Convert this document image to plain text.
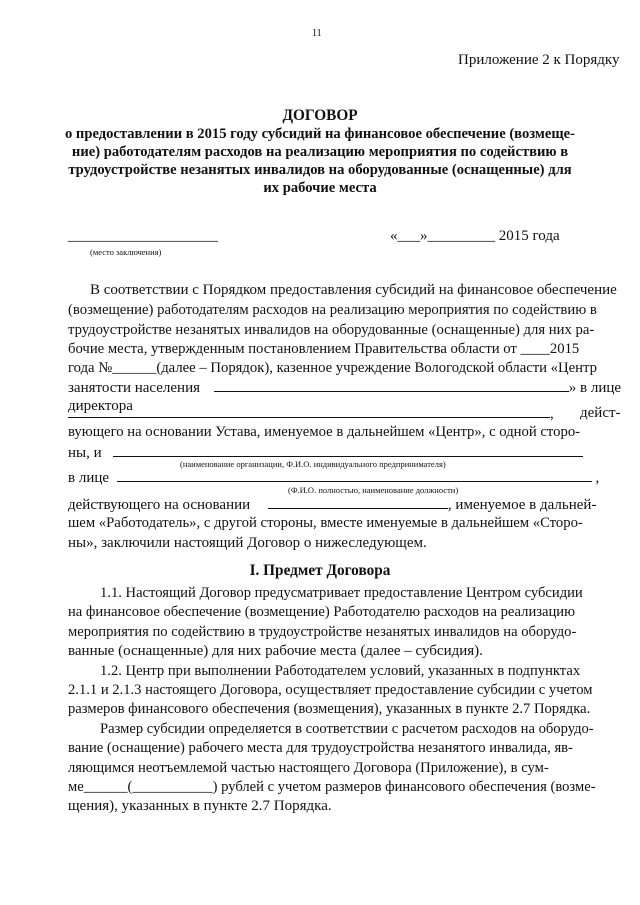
11
Приложение 2 к Порядку
ДОГОВОР
о предоставлении в 2015 году субсидий на финансовое обеспечение (возмеще-
ние) работодателям расходов на реализацию мероприятия по содействию в
трудоустройстве незанятых инвалидов на оборудованные (оснащенные) для
их рабочие места
____________________
(место заключения)
«___»_________ 2015 года
В соответствии с Порядком предоставления субсидий на финансовое обеспечение
(возмещение) работодателям расходов на реализацию мероприятия по содействию в
трудоустройстве незанятых инвалидов на оборудованные (оснащенные) для них ра-
бочие места, утвержденным постановлением Правительства области от ____2015
года №______(далее – Порядок), казенное учреждение Вологодской области «Центр
занятости населения	» в лице
директора	, дейст-
вующего на основании Устава, именуемое в дальнейшем «Центр», с одной сторо-
ны, и
(наименование организации, Ф.И.О. индивидуального предпринимателя)
в лице	,
(Ф.И.О. полностью, наименование должности)
действующего на основании	, именуемое в дальней-
шем «Работодатель», с другой стороны, вместе именуемые в дальнейшем «Сторо-
ны», заключили настоящий Договор о нижеследующем.
I. Предмет Договора
1.1. Настоящий Договор предусматривает предоставление Центром субсидии
на финансовое обеспечение (возмещение) Работодателю расходов на реализацию
мероприятия по содействию в трудоустройстве незанятых инвалидов на оборудо-
ванные (оснащенные) для них рабочие места (далее – субсидия).
1.2. Центр при выполнении Работодателем условий, указанных в подпунктах
2.1.1 и 2.1.3 настоящего Договора, осуществляет предоставление субсидии с учетом
размеров финансового обеспечения (возмещения), указанных в пункте 2.7 Порядка.
Размер субсидии определяется в соответствии с расчетом расходов на оборудо-
вание (оснащение) рабочего места для трудоустройства незанятого инвалида, яв-
ляющимся неотъемлемой частью настоящего Договора (Приложение), в сум-
ме______(___________) рублей с учетом размеров финансового обеспечения (возме-
щения), указанных в пункте 2.7 Порядка.
